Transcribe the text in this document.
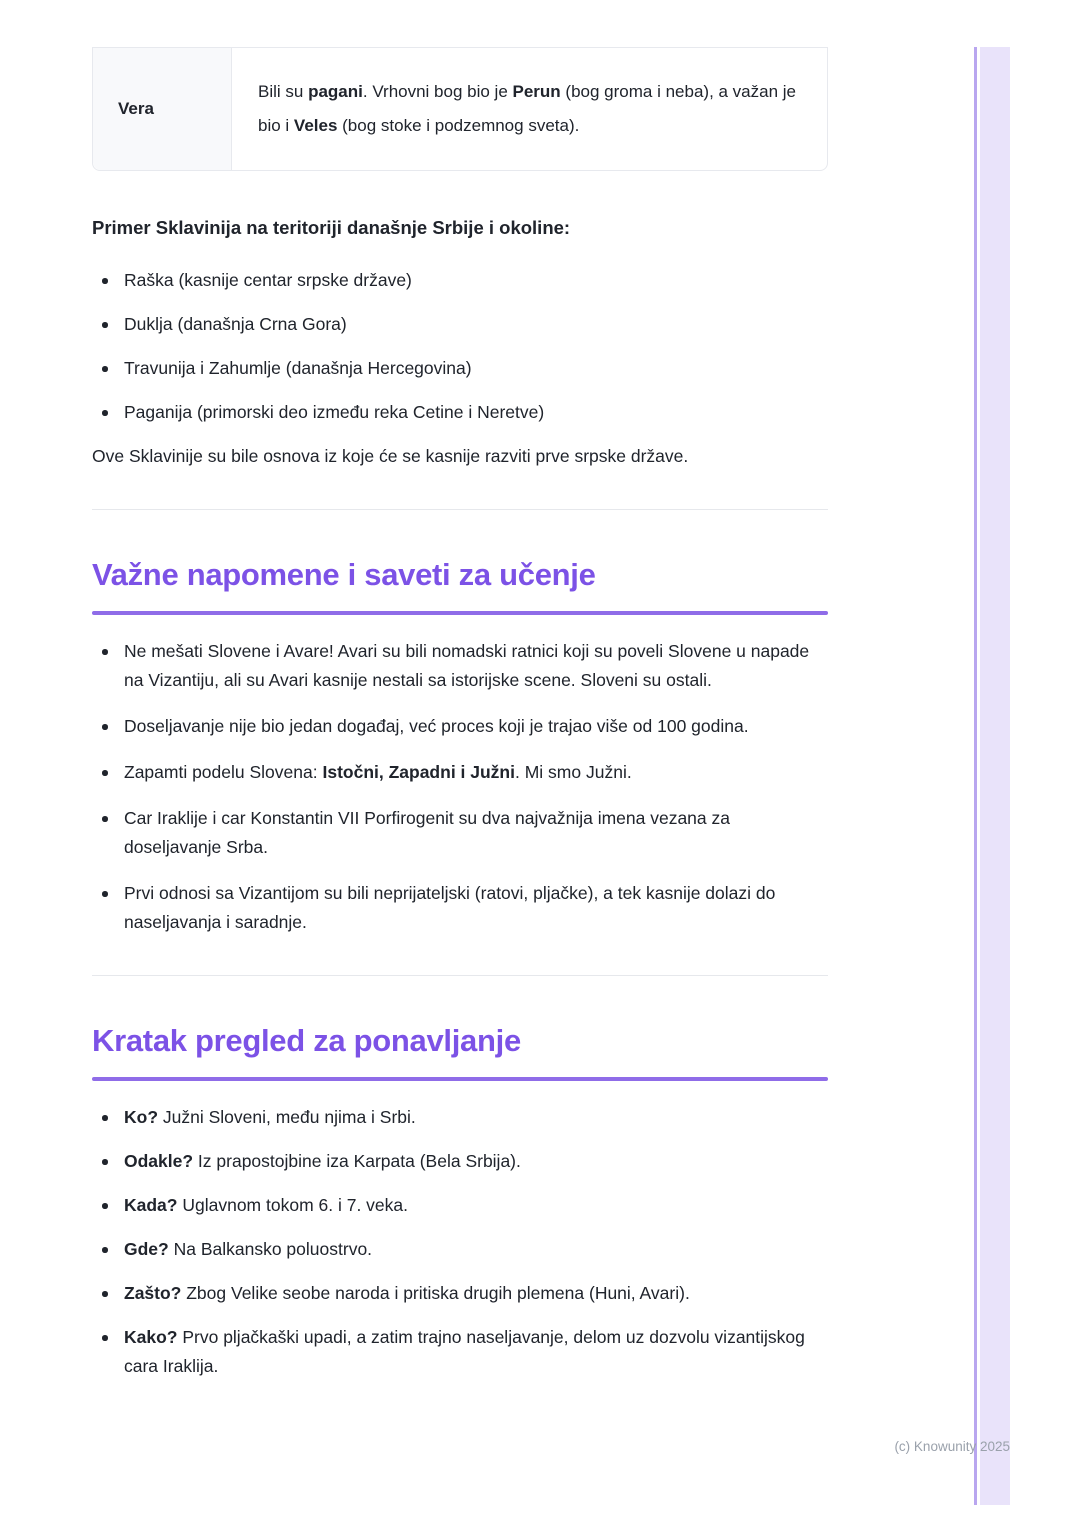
Vera
Bili su pagani. Vrhovni bog bio je Perun (bog groma i neba), a važan je bio i Veles (bog stoke i podzemnog sveta).
Primer Sklavinija na teritoriji današnje Srbije i okoline:
Raška (kasnije centar srpske države)
Duklja (današnja Crna Gora)
Travunija i Zahumlje (današnja Hercegovina)
Paganija (primorski deo između reka Cetine i Neretve)

Ove Sklavinije su bile osnova iz koje će se kasnije razviti prve srpske države.

Važne napomene i saveti za učenje
Ne mešati Slovene i Avare! Avari su bili nomadski ratnici koji su poveli Slovene u napade na Vizantiju, ali su Avari kasnije nestali sa istorijske scene. Sloveni su ostali.
Doseljavanje nije bio jedan događaj, već proces koji je trajao više od 100 godina.
Zapamti podelu Slovena: Istočni, Zapadni i Južni. Mi smo Južni.
Car Iraklije i car Konstantin VII Porfirogenit su dva najvažnija imena vezana za doseljavanje Srba.
Prvi odnosi sa Vizantijom su bili neprijateljski (ratovi, pljačke), a tek kasnije dolazi do naseljavanja i saradnje.
Kratak pregled za ponavljanje
Ko? Južni Sloveni, među njima i Srbi.
Odakle? Iz prapostojbine iza Karpata (Bela Srbija).
Kada? Uglavnom tokom 6. i 7. veka.
Gde? Na Balkansko poluostrvo.
Zašto? Zbog Velike seobe naroda i pritiska drugih plemena (Huni, Avari).
Kako? Prvo pljačkaški upadi, a zatim trajno naseljavanje, delom uz dozvolu vizantijskog cara Iraklija.
(c) Knowunity 2025
